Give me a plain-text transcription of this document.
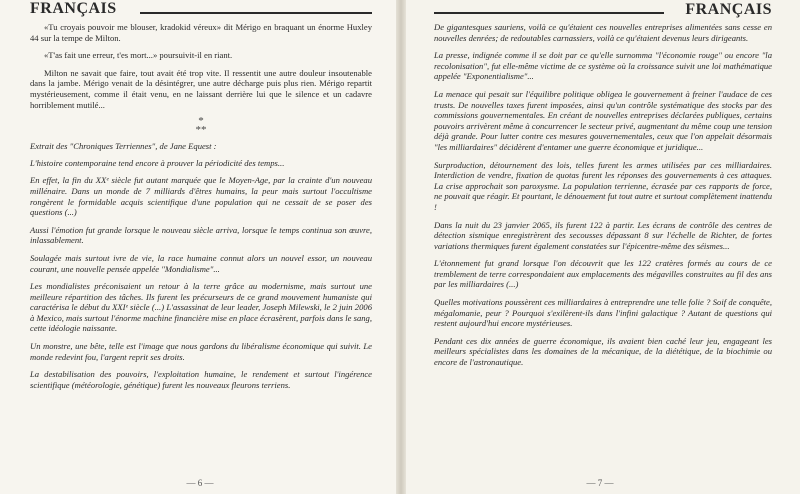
FRANÇAIS

«Tu croyais pouvoir me blouser, kradokid véreux» dit Mérigo en braquant un énorme Huxley 44 sur la tempe de Milton.

«T'as fait une erreur, t'es mort...» poursuivit-il en riant.

Milton ne savait que faire, tout avait été trop vite. Il ressentit une autre douleur insoutenable dans la jambe. Mérigo venait de la désintégrer, une autre décharge puis plus rien. Mérigo repartit mystérieusement, comme il était venu, en ne laissant derrière lui que le silence et un cadavre horriblement mutilé...

*
**

Extrait des "Chroniques Terriennes", de Jane Equest :

L'histoire contemporaine tend encore à prouver la périodicité des temps...

En effet, la fin du XXᵉ siècle fut autant marquée que le Moyen-Age, par la crainte d'un nouveau millénaire. Dans un monde de 7 milliards d'êtres humains, la peur mais surtout l'occultisme rongèrent le formidable acquis scientifique d'une population qui ne cessait de se poser des questions (...)

Aussi l'émotion fut grande lorsque le nouveau siècle arriva, lorsque le temps continua son œuvre, inlassablement.

Soulagée mais surtout ivre de vie, la race humaine connut alors un nouvel essor, un nouveau courant, une nouvelle pensée appelée "Mondialisme"...

Les mondialistes préconisaient un retour à la terre grâce au modernisme, mais surtout une meilleure répartition des tâches. Ils furent les précurseurs de ce grand mouvement humaniste qui caractérisa le début du XXIᵉ siècle (...) L'assassinat de leur leader, Joseph Milewski, le 2 juin 2006 à Mexico, mais surtout l'énorme machine financière mise en place écrasèrent, parfois dans le sang, cette idéologie naissante.

Un monstre, une bête, telle est l'image que nous gardons du libéralisme économique qui suivit. Le monde redevint fou, l'argent reprit ses droits.

La destabilisation des pouvoirs, l'exploitation humaine, le rendement et surtout l'ingérence scientifique (météorologie, génétique) furent les nouveaux fleurons terriens.

— 6 —
FRANÇAIS

De gigantesques sauriens, voilà ce qu'étaient ces nouvelles entreprises alimentées sans cesse en nouvelles denrées; de redoutables carnassiers, voilà ce qu'étaient devenus leurs dirigeants.

La presse, indignée comme il se doit par ce qu'elle surnomma "l'économie rouge" ou encore "la recolonisation", fut elle-même victime de ce système où la croissance suivit une loi mathématique appelée "Exponentialisme"...

La menace qui pesait sur l'équilibre politique obligea le gouvernement à freiner l'audace de ces trusts. De nouvelles taxes furent imposées, ainsi qu'un contrôle systématique des stocks par des commissions gouvernementales. En créant de nouvelles entreprises déclarées publiques, certains pouvoirs arrivèrent même à concurrencer le secteur privé, augmentant du même coup une tension déjà grande. Pour lutter contre ces mesures gouvernementales, ceux que l'on appelait désormais "les milliardaires" décidèrent d'entamer une guerre économique et juridique...

Surproduction, détournement des lois, telles furent les armes utilisées par ces milliardaires. Interdiction de vendre, fixation de quotas furent les réponses des gouvernements à ces attaques. La crise approchait son paroxysme. La population terrienne, écrasée par ces rapports de force, ne pouvait que réagir. Et pourtant, le dénouement fut tout autre et surtout complètement inattendu !

Dans la nuit du 23 janvier 2065, ils furent 122 à partir. Les écrans de contrôle des centres de détection sismique enregistrèrent des secousses dépassant 8 sur l'échelle de Richter, de fortes variations thermiques furent également constatées sur l'épicentre-même des séismes...

L'étonnement fut grand lorsque l'on découvrit que les 122 cratères formés au cours de ce tremblement de terre correspondaient aux emplacements des mégavilles construites au fil des ans par les milliardaires (...)

Quelles motivations poussèrent ces milliardaires à entreprendre une telle folie ? Soif de conquête, mégalomanie, peur ? Pourquoi s'exilèrent-ils dans l'infini galactique ? Autant de questions qui restent aujourd'hui encore mystérieuses.

Pendant ces dix années de guerre économique, ils avaient bien caché leur jeu, engageant les meilleurs spécialistes dans les domaines de la mécanique, de la diététique, de la biochimie ou encore de l'astronautique.

— 7 —
